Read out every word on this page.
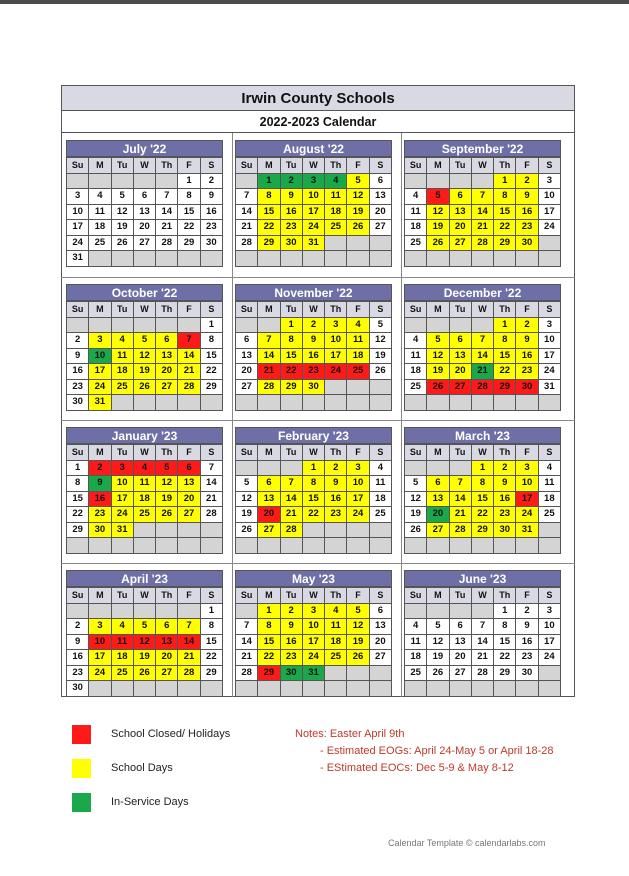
Irwin County Schools
2022-2023 Calendar
July '22
Su	M	Tu	W	Th	F	S
					1	2
3	4	5	6	7	8	9
10	11	12	13	14	15	16
17	18	19	20	21	22	23
24	25	26	27	28	29	30
31						
August '22
Su	M	Tu	W	Th	F	S
	1	2	3	4	5	6
7	8	9	10	11	12	13
14	15	16	17	18	19	20
21	22	23	24	25	26	27
28	29	30	31			

September '22
Su	M	Tu	W	Th	F	S
				1	2	3
4	5	6	7	8	9	10
11	12	13	14	15	16	17
18	19	20	21	22	23	24
25	26	27	28	29	30	

October '22
Su	M	Tu	W	Th	F	S
						1
2	3	4	5	6	7	8
9	10	11	12	13	14	15
16	17	18	19	20	21	22
23	24	25	26	27	28	29
30	31					
November '22
Su	M	Tu	W	Th	F	S
		1	2	3	4	5
6	7	8	9	10	11	12
13	14	15	16	17	18	19
20	21	22	23	24	25	26
27	28	29	30			

December '22
Su	M	Tu	W	Th	F	S
				1	2	3
4	5	6	7	8	9	10
11	12	13	14	15	16	17
18	19	20	21	22	23	24
25	26	27	28	29	30	31

January '23
Su	M	Tu	W	Th	F	S
1	2	3	4	5	6	7
8	9	10	11	12	13	14
15	16	17	18	19	20	21
22	23	24	25	26	27	28
29	30	31				

February '23
Su	M	Tu	W	Th	F	S
			1	2	3	4
5	6	7	8	9	10	11
12	13	14	15	16	17	18
19	20	21	22	23	24	25
26	27	28				

March '23
Su	M	Tu	W	Th	F	S
			1	2	3	4
5	6	7	8	9	10	11
12	13	14	15	16	17	18
19	20	21	22	23	24	25
26	27	28	29	30	31	

April '23
Su	M	Tu	W	Th	F	S
						1
2	3	4	5	6	7	8
9	10	11	12	13	14	15
16	17	18	19	20	21	22
23	24	25	26	27	28	29
30						
May '23
Su	M	Tu	W	Th	F	S
	1	2	3	4	5	6
7	8	9	10	11	12	13
14	15	16	17	18	19	20
21	22	23	24	25	26	27
28	29	30	31			

June '23
Su	M	Tu	W	Th	F	S
				1	2	3
4	5	6	7	8	9	10
11	12	13	14	15	16	17
18	19	20	21	22	23	24
25	26	27	28	29	30	

School Closed/ Holidays
School Days
In-Service Days
Notes: Easter April 9th
- Estimated EOGs: April 24-May 5 or April 18-28
- EStimated EOCs: Dec 5-9 & May 8-12
Calendar Template © calendarlabs.com
